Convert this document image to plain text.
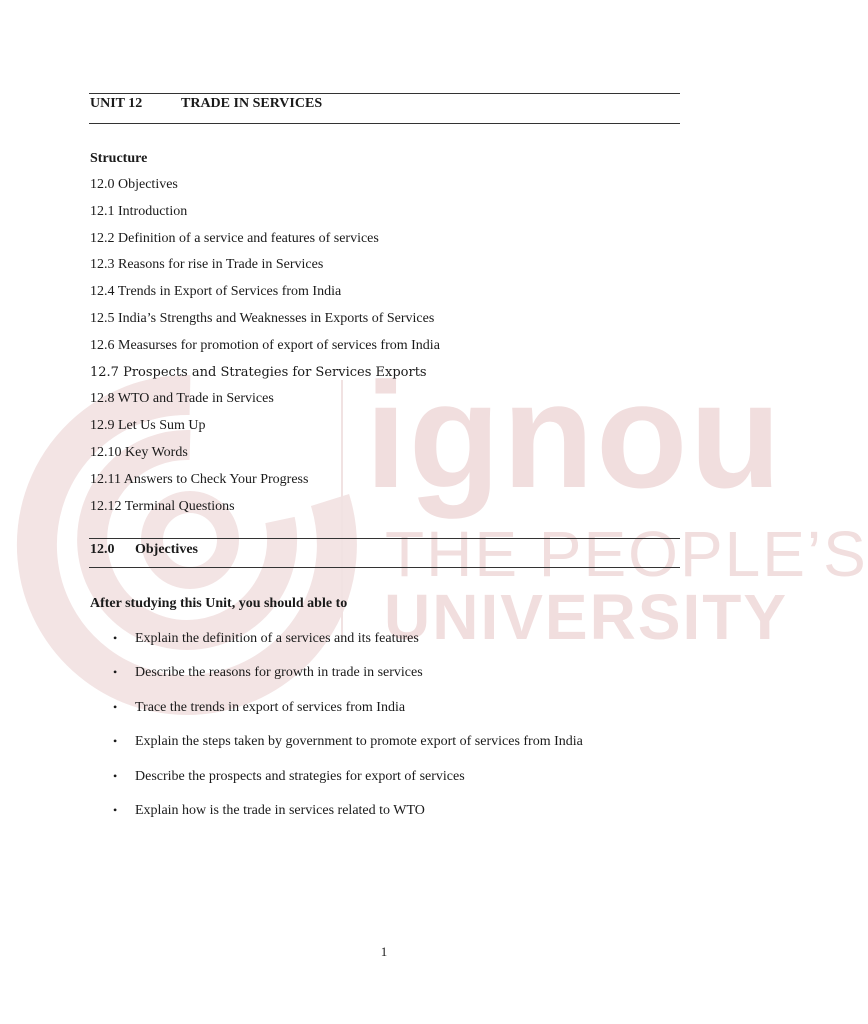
ignou
THE PEOPLE’S
UNIVERSITY
UNIT 12	TRADE IN SERVICES
Structure
12.0 Objectives
12.1 Introduction
12.2 Definition of a service and features of services
12.3 Reasons for rise in Trade in Services
12.4 Trends in Export of Services from India
12.5 India’s Strengths and Weaknesses in Exports of Services
12.6 Measurses for promotion of export of services from India
12.7 Prospects and Strategies for Services Exports
12.8 WTO and Trade in Services
12.9 Let Us Sum Up
12.10 Key Words
12.11 Answers to Check Your Progress
12.12 Terminal Questions
12.0 Objectives
After studying this Unit, you should able to
• Explain the definition of a services and its features
• Describe the reasons for growth in trade in services
• Trace the trends in export of services from India
• Explain the steps taken by government to promote export of services from India
• Describe the prospects and strategies for export of services
• Explain how is the trade in services related to WTO
1
